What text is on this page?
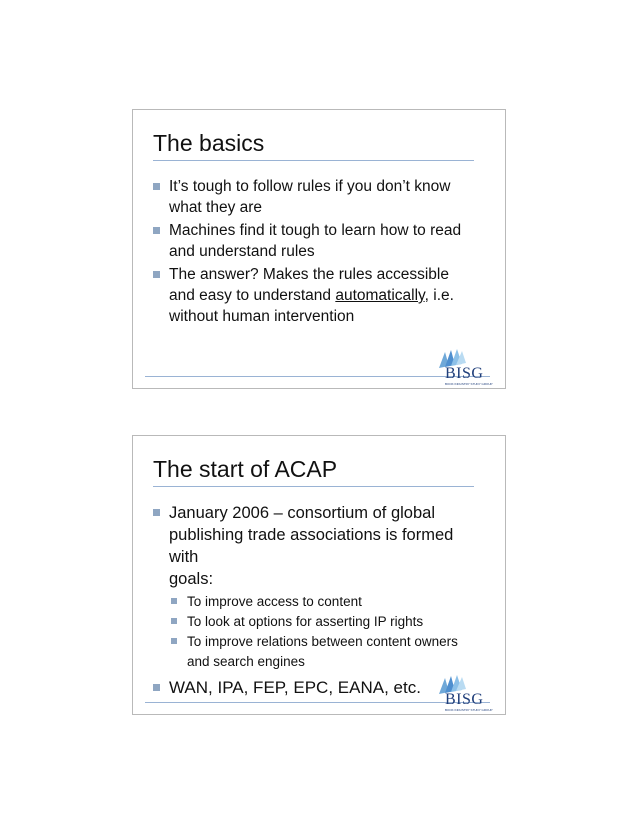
The basics
It’s tough to follow rules if you don’t know
what they are
Machines find it tough to learn how to read
and understand rules
The answer? Makes the rules accessible
and easy to understand automatically, i.e.
without human intervention
BISG
BOOK INDUSTRY STUDY GROUP
The start of ACAP
January 2006 – consortium of global
publishing trade associations is formed with
goals:
To improve access to content
To look at options for asserting IP rights
To improve relations between content owners
and search engines
WAN, IPA, FEP, EPC, EANA, etc.
BISG
BOOK INDUSTRY STUDY GROUP
